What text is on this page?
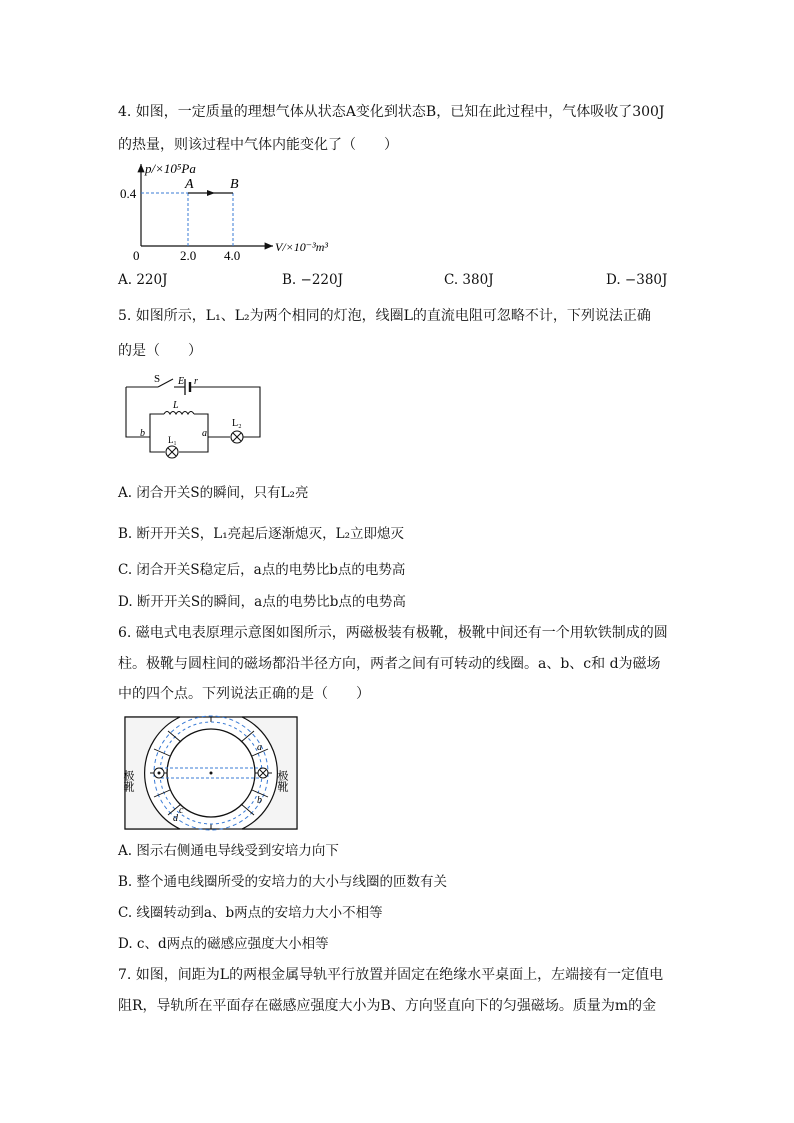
4. 如图，一定质量的理想气体从状态A变化到状态B，已知在此过程中，气体吸收了300J
的热量，则该过程中气体内能变化了（　　）
p/×10⁵Pa
0.4
0	2.0 4.0
V/×10⁻³m³
A	B
A. 220J	B. −220J	C. 380J	D. −380J
5. 如图所示，L₁、L₂为两个相同的灯泡，线圈L的直流电阻可忽略不计，下列说法正确
的是（　　）
S E r
L
L₂
L₁
b	a
A. 闭合开关S的瞬间，只有L₂亮
B. 断开开关S，L₁亮起后逐渐熄灭，L₂立即熄灭
C. 闭合开关S稳定后，a点的电势比b点的电势高
D. 断开开关S的瞬间，a点的电势比b点的电势高
6. 磁电式电表原理示意图如图所示，两磁极装有极靴，极靴中间还有一个用软铁制成的圆
柱。极靴与圆柱间的磁场都沿半径方向，两者之间有可转动的线圈。a、b、c和 d为磁场
中的四个点。下列说法正确的是（　　）
极靴	极靴
a
b
c
d
A. 图示右侧通电导线受到安培力向下
B. 整个通电线圈所受的安培力的大小与线圈的匝数有关
C. 线圈转动到a、b两点的安培力大小不相等
D. c、d两点的磁感应强度大小相等
7. 如图，间距为L的两根金属导轨平行放置并固定在绝缘水平桌面上，左端接有一定值电
阻R，导轨所在平面存在磁感应强度大小为B、方向竖直向下的匀强磁场。质量为m的金
